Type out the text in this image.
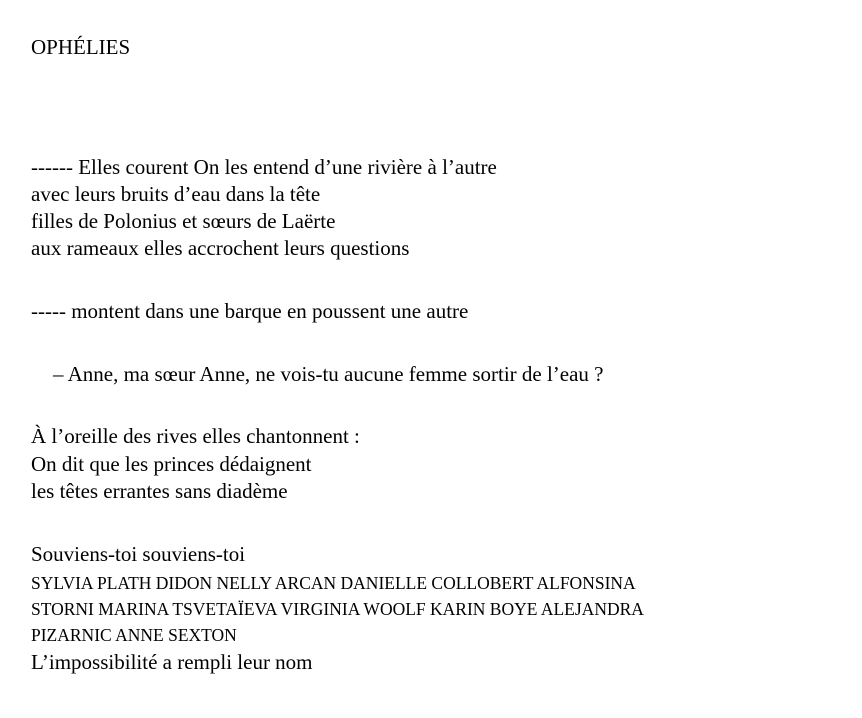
OPHÉLIES
------ Elles courent On les entend d’une rivière à l’autre
avec leurs bruits d’eau dans la tête
filles de Polonius et sœurs de Laërte
aux rameaux elles accrochent leurs questions
----- montent dans une barque en poussent une autre
– Anne, ma sœur Anne, ne vois-tu aucune femme sortir de l’eau ?
À l’oreille des rives elles chantonnent :
On dit que les princes dédaignent
les têtes errantes sans diadème
Souviens-toi souviens-toi
SYLVIA PLATH DIDON NELLY ARCAN DANIELLE COLLOBERT ALFONSINA
STORNI MARINA TSVETAÏEVA VIRGINIA WOOLF KARIN BOYE ALEJANDRA
PIZARNIC ANNE SEXTON
L’impossibilité a rempli leur nom
